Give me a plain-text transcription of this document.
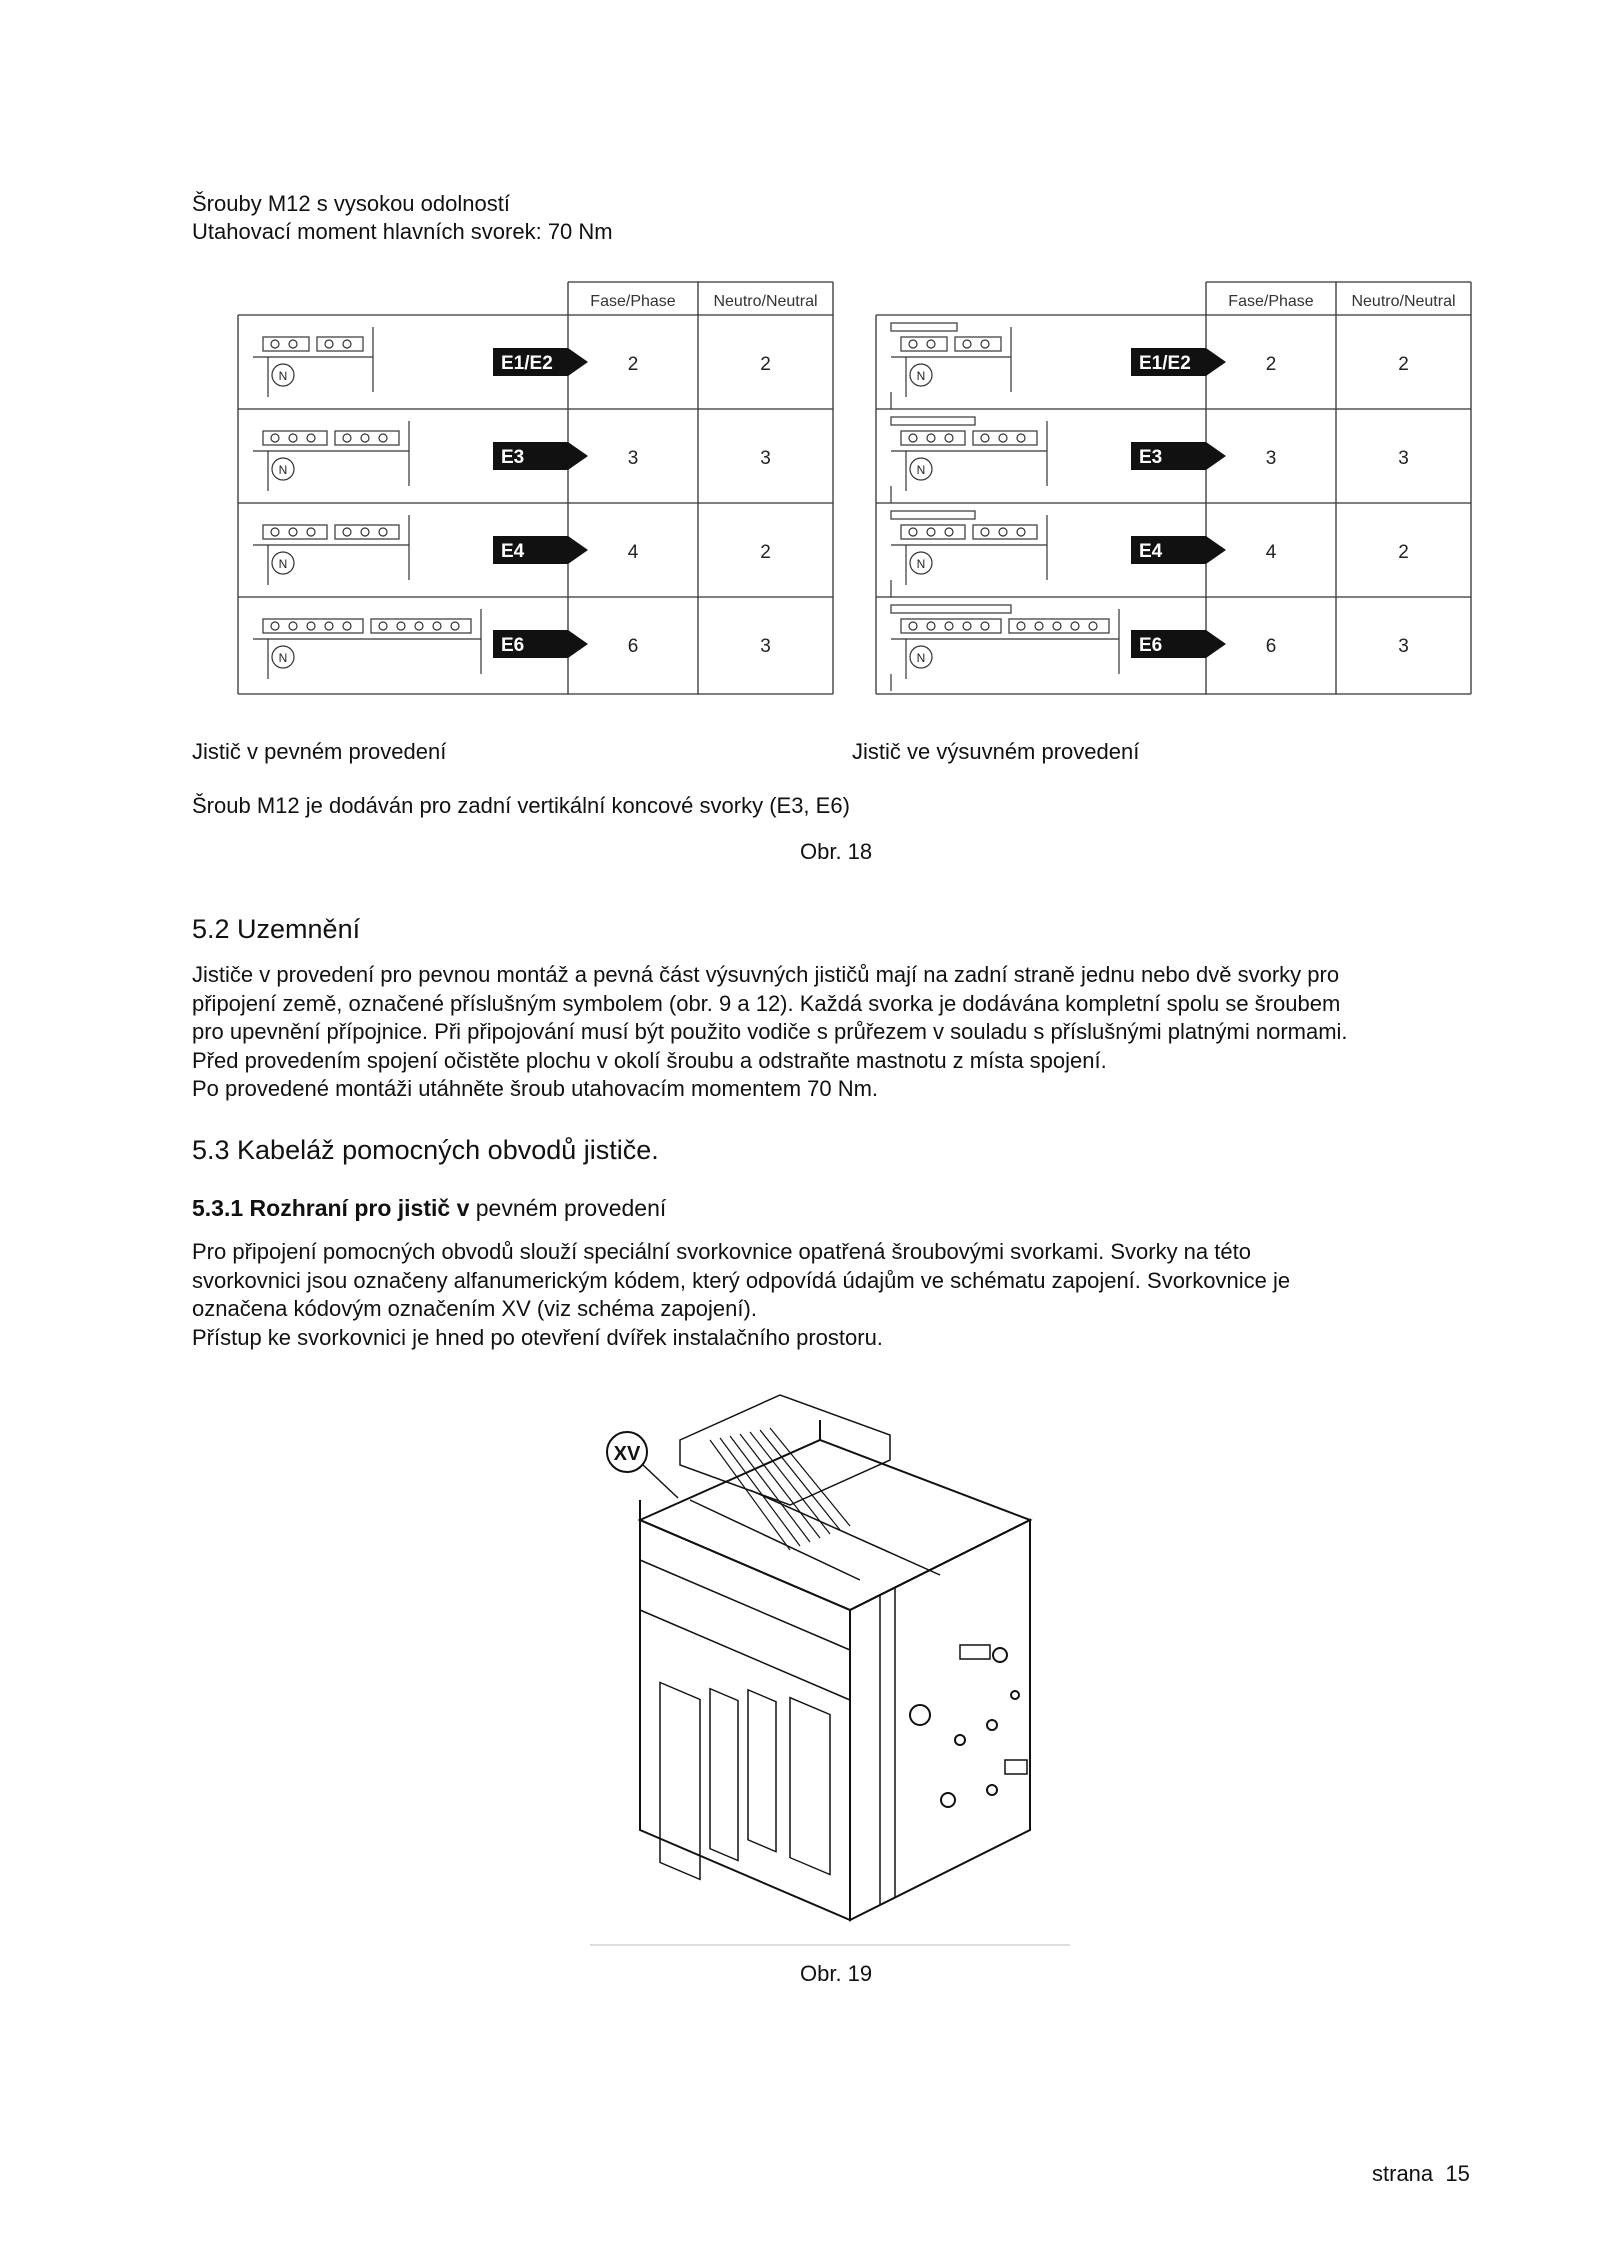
Šrouby M12 s vysokou odolností
Utahovací moment hlavních svorek: 70 Nm
Fase/Phase Neutro/Neutral
E1/E2	2	2
N
E3	3	3
N
E4	4	2
N
E6	6	3
N
Fase/Phase Neutro/Neutral
E1/E2	2	2
N
E3	3	3
N
E4	4	2
N
E6	6	3
N
Jistič v pevném provedení	Jistič ve výsuvném provedení
Šroub M12 je dodáván pro zadní vertikální koncové svorky (E3, E6)
Obr. 18
5.2 Uzemnění
Jističe v provedení pro pevnou montáž a pevná část výsuvných jističů mají na zadní straně jednu nebo dvě svorky pro
připojení země, označené příslušným symbolem (obr. 9 a 12). Každá svorka je dodávána kompletní spolu se šroubem
pro upevnění přípojnice. Při připojování musí být použito vodiče s průřezem v souladu s příslušnými platnými normami.
Před provedením spojení očistěte plochu v okolí šroubu a odstraňte mastnotu z místa spojení.
Po provedené montáži utáhněte šroub utahovacím momentem 70 Nm.
5.3 Kabeláž pomocných obvodů jističe.
5.3.1 Rozhraní pro jistič v pevném provedení
Pro připojení pomocných obvodů slouží speciální svorkovnice opatřená šroubovými svorkami. Svorky na této
svorkovnici jsou označeny alfanumerickým kódem, který odpovídá údajům ve schématu zapojení. Svorkovnice je
označena kódovým označením XV (viz schéma zapojení).
Přístup ke svorkovnici je hned po otevření dvířek instalačního prostoru.
XV
Obr. 19
strana 15
